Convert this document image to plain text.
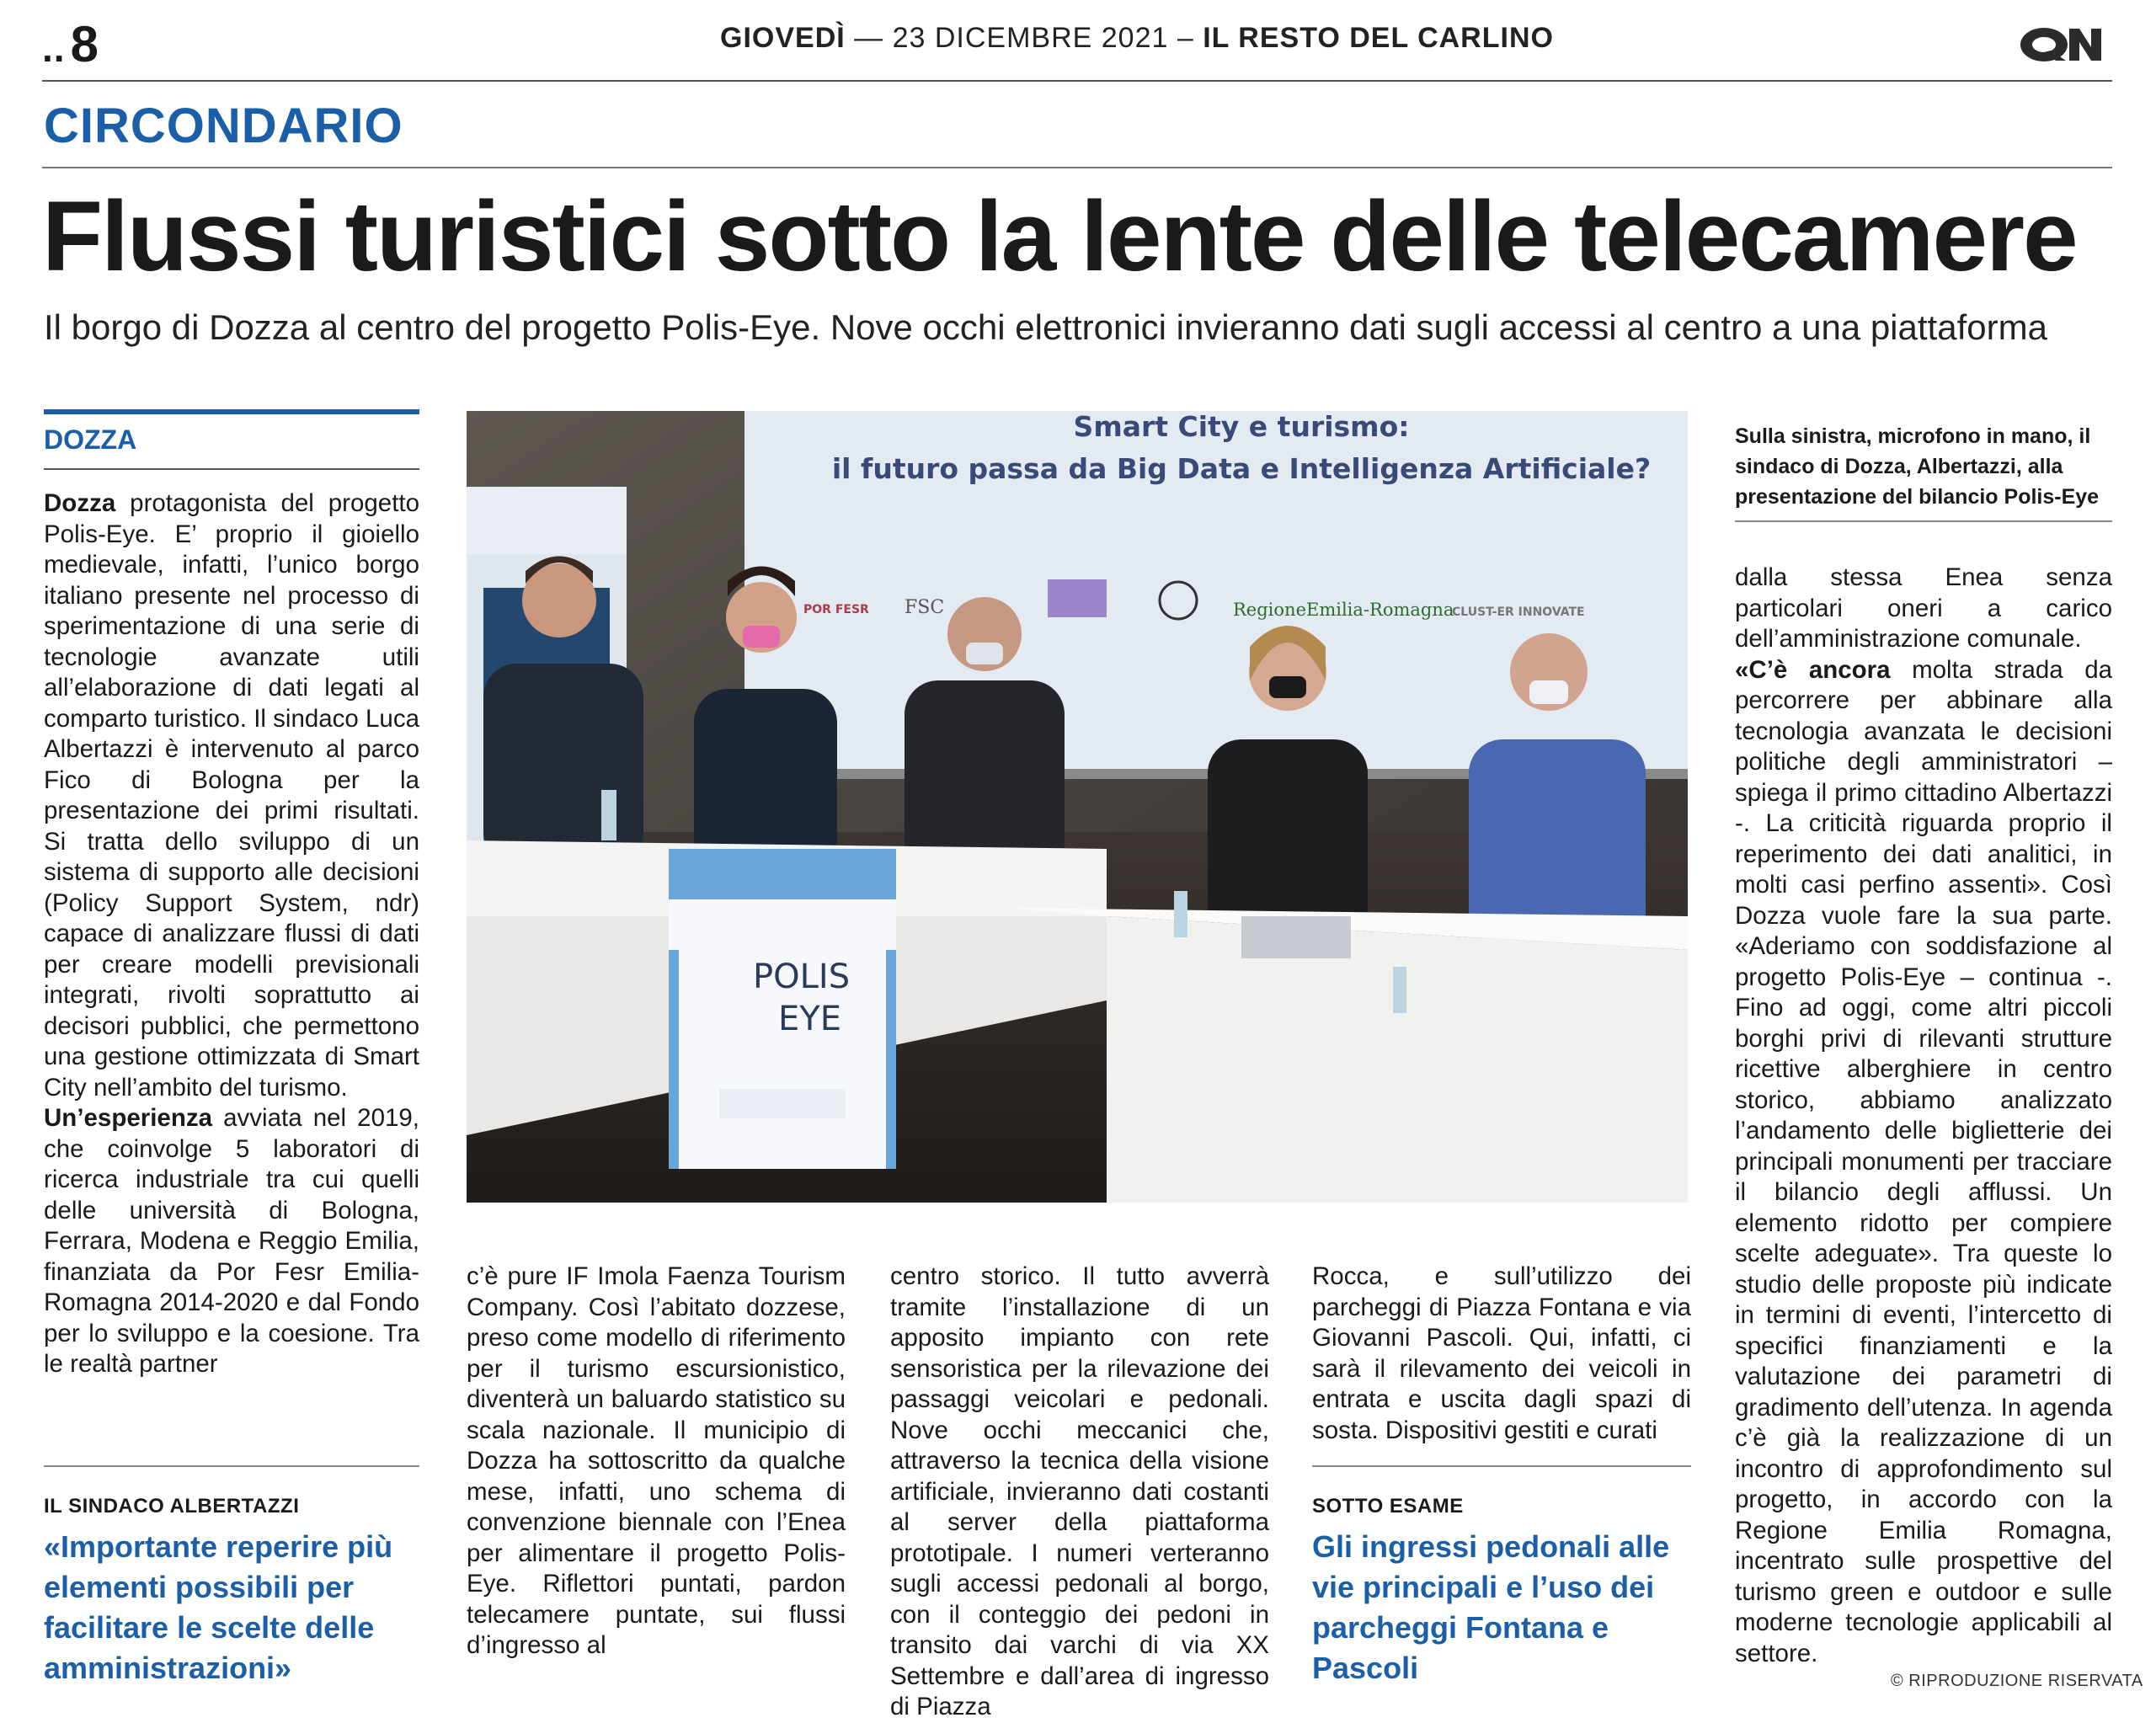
.. 8	GIOVEDÌ — 23 DICEMBRE 2021 – IL RESTO DEL CARLINO
CIRCONDARIO
Flussi turistici sotto la lente delle telecamere
Il borgo di Dozza al centro del progetto Polis-Eye. Nove occhi elettronici invieranno dati sugli accessi al centro a una piattaforma
DOZZA

Dozza protagonista del progetto Polis-Eye. E’ proprio il gioiello medievale, infatti, l’unico borgo italiano presente nel processo di sperimentazione di una serie di tecnologie avanzate utili all’elaborazione di dati legati al comparto turistico. Il sindaco Luca Albertazzi è intervenuto al parco Fico di Bologna per la presentazione dei primi risultati. Si tratta dello sviluppo di un sistema di supporto alle decisioni (Policy Support System, ndr) capace di analizzare flussi di dati per creare modelli previsionali integrati, rivolti soprattutto ai decisori pubblici, che permettono una gestione ottimizzata di Smart City nell’ambito del turismo.

Un’esperienza avviata nel 2019, che coinvolge 5 laboratori di ricerca industriale tra cui quelli delle università di Bologna, Ferrara, Modena e Reggio Emilia, finanziata da Por Fesr Emilia-Romagna 2014-2020 e dal Fondo per lo sviluppo e la coesione. Tra le realtà partner

IL SINDACO ALBERTAZZI
«Importante reperire più elementi possibili per facilitare le scelte delle amministrazioni»
Smart City e turismo:
il futuro passa da Big Data e Intelligenza Artificiale?
POR FESR FSC	RegioneEmilia-Romagna
CLUST-ER INNOVATE
POLIS
EYE
Sulla sinistra, microfono in mano, il sindaco di Dozza, Albertazzi, alla presentazione del bilancio Polis-Eye
c’è pure IF Imola Faenza Tourism Company. Così l’abitato dozzese, preso come modello di riferimento per il turismo escursionistico, diventerà un baluardo statistico su scala nazionale. Il municipio di Dozza ha sottoscritto da qualche mese, infatti, uno schema di convenzione biennale con l’Enea per alimentare il progetto Polis-Eye. Riflettori puntati, pardon telecamere puntate, sui flussi d’ingresso al
centro storico. Il tutto avverrà tramite l’installazione di un apposito impianto con rete sensoristica per la rilevazione dei passaggi veicolari e pedonali. Nove occhi meccanici che, attraverso la tecnica della visione artificiale, invieranno dati costanti al server della piattaforma prototipale. I numeri verteranno sugli accessi pedonali al borgo, con il conteggio dei pedoni in transito dai varchi di via XX Settembre e dall’area di ingresso di Piazza
Rocca, e sull’utilizzo dei parcheggi di Piazza Fontana e via Giovanni Pascoli. Qui, infatti, ci sarà il rilevamento dei veicoli in entrata e uscita dagli spazi di sosta. Dispositivi gestiti e curati
SOTTO ESAME
Gli ingressi pedonali alle vie principali e l’uso dei parcheggi Fontana e Pascoli
dalla stessa Enea senza particolari oneri a carico dell’amministrazione comunale.
«C’è ancora molta strada da percorrere per abbinare alla tecnologia avanzata le decisioni politiche degli amministratori – spiega il primo cittadino Albertazzi -. La criticità riguarda proprio il reperimento dei dati analitici, in molti casi perfino assenti». Così Dozza vuole fare la sua parte. «Aderiamo con soddisfazione al progetto Polis-Eye – continua -. Fino ad oggi, come altri piccoli borghi privi di rilevanti strutture ricettive alberghiere in centro storico, abbiamo analizzato l’andamento delle biglietterie dei principali monumenti per tracciare il bilancio degli afflussi. Un elemento ridotto per compiere scelte adeguate». Tra queste lo studio delle proposte più indicate in termini di eventi, l’intercetto di specifici finanziamenti e la valutazione dei parametri di gradimento dell’utenza. In agenda c’è già la realizzazione di un incontro di approfondimento sul progetto, in accordo con la Regione Emilia Romagna, incentrato sulle prospettive del turismo green e outdoor e sulle moderne tecnologie applicabili al settore.
© RIPRODUZIONE RISERVATA
